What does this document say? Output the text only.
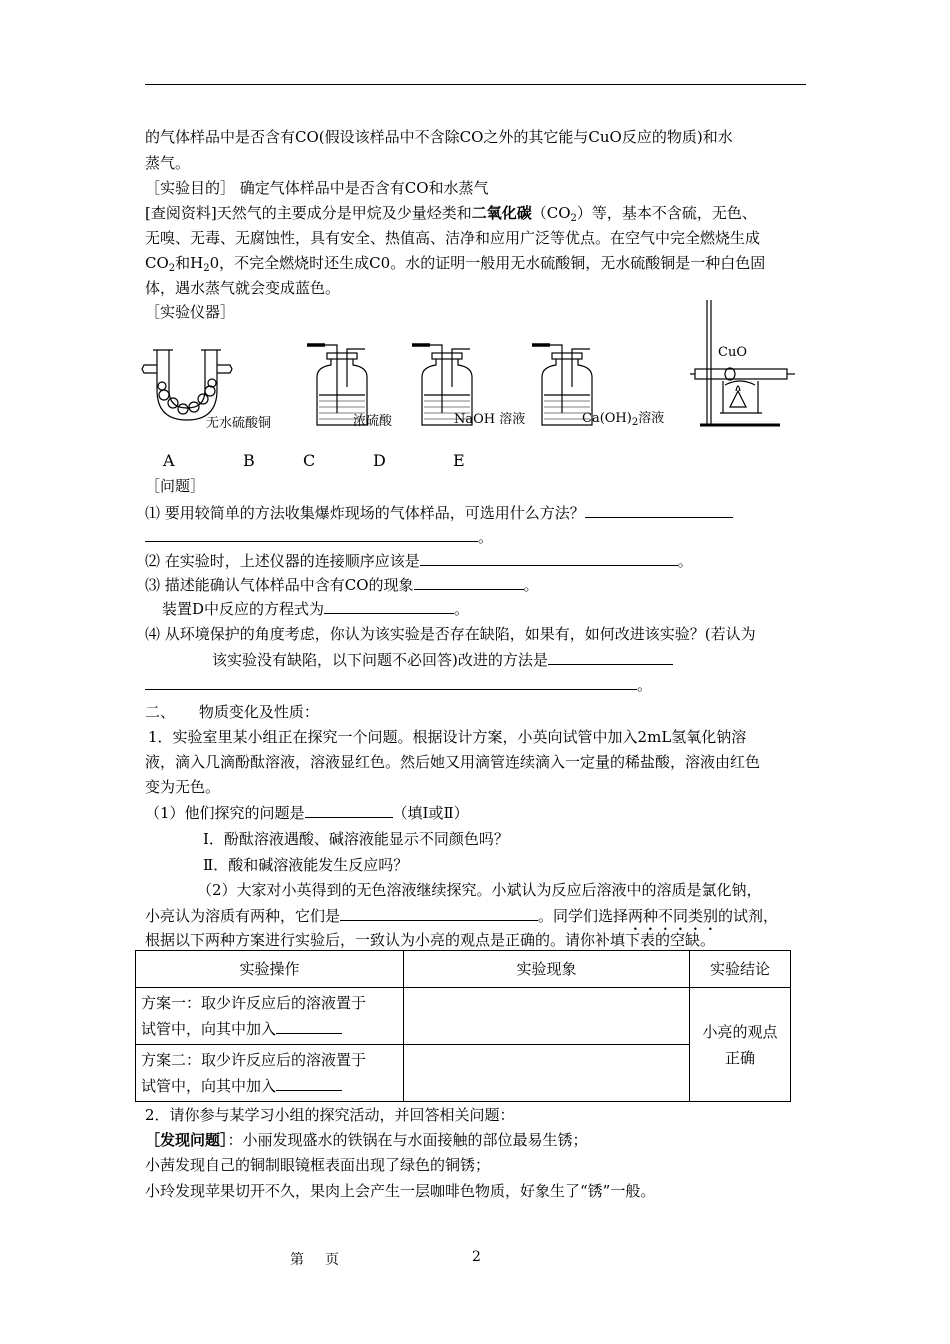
的气体样品中是否含有CO(假设该样品中不含除CO之外的其它能与CuO反应的物质)和水
蒸气。
［实验目的］ 确定气体样品中是否含有CO和水蒸气
[查阅资料]天然气的主要成分是甲烷及少量烃类和二氧化碳$(CO_2)$等，基本不含硫，无色、
无嗅、无毒、无腐蚀性，具有安全、热值高、洁净和应用广泛等优点。在空气中完全燃烧生成
$CO_2$和$H_20$，不完全燃烧时还生成C0。水的证明一般用无水硫酸铜，无水硫酸铜是一种白色固
体，遇水蒸气就会变成蓝色。
［实验仪器］
无水硫酸铜	浓硫酸	NaOH 溶液	$Ca(OH)_2$溶液
CuO
A	B	C	D	E
［问题］
⑴ 要用较简单的方法收集爆炸现场的气体样品，可选用什么方法？
。
⑵ 在实验时，上述仪器的连接顺序应该是	。
⑶ 描述能确认气体样品中含有CO的现象	。
装置D中反应的方程式为	。
⑷ 从环境保护的角度考虑，你认为该实验是否存在缺陷，如果有，如何改进该实验？(若认为
该实验没有缺陷，以下问题不必回答)改进的方法是
。
二、     物质变化及性质：
1．实验室里某小组正在探究一个问题。根据设计方案，小英向试管中加入2mL氢氧化钠溶
液，滴入几滴酚酞溶液，溶液显红色。然后她又用滴管连续滴入一定量的稀盐酸，溶液由红色
变为无色。
（1）他们探究的问题是	（填Ⅰ或Ⅱ）
Ⅰ．酚酞溶液遇酸、碱溶液能显示不同颜色吗？
Ⅱ．酸和碱溶液能发生反应吗？
（2）大家对小英得到的无色溶液继续探究。小斌认为反应后溶液中的溶质是氯化钠，
小亮认为溶质有两种，它们是	。同学们选择两种不同类别的试剂，
根据以下两种方案进行实验后，一致认为小亮的观点是正确的。请你补填下表的空缺。
实验操作	实验现象	实验结论
方案一：取少许反应后的溶液置于
试管中，向其中加入		小亮的观点
正确
方案二：取少许反应后的溶液置于
试管中，向其中加入		
2．请你参与某学习小组的探究活动，并回答相关问题：
［发现问题］：小丽发现盛水的铁锅在与水面接触的部位最易生锈；
小茜发现自己的铜制眼镜框表面出现了绿色的铜锈；
小玲发现苹果切开不久，果肉上会产生一层咖啡色物质，好象生了“锈”一般。
第 页	2
